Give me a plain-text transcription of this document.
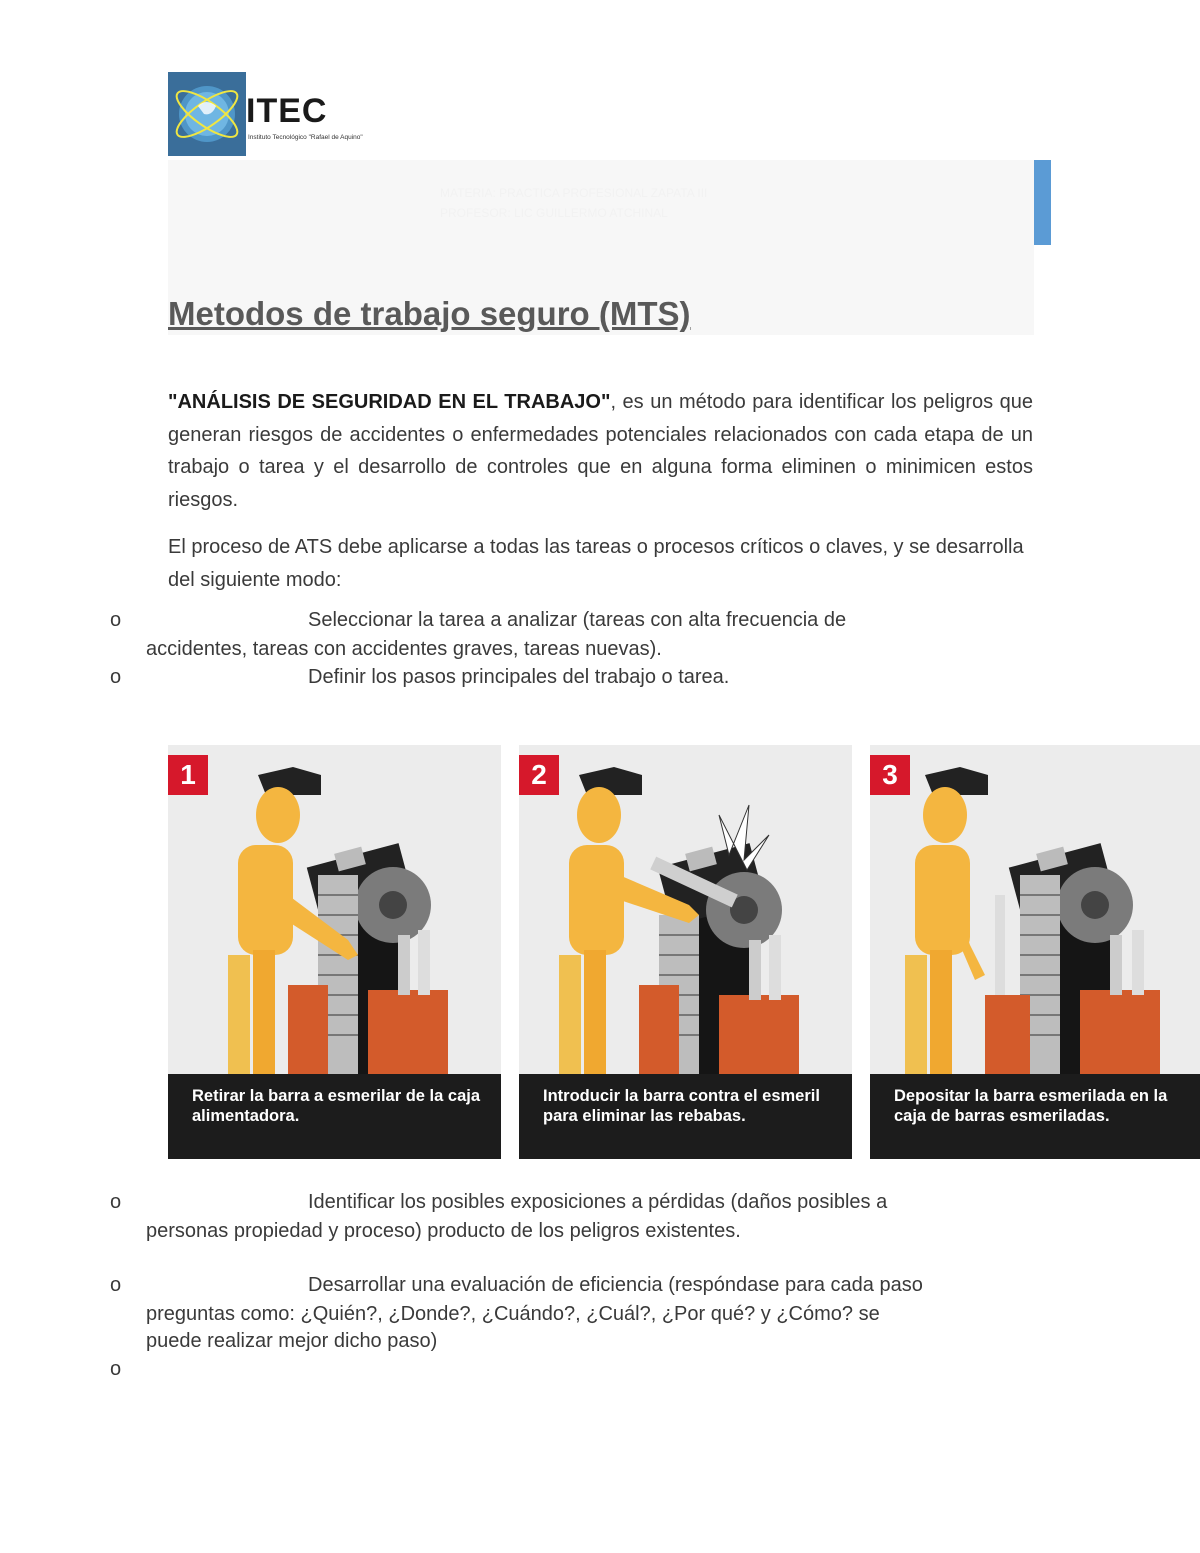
ITEC
Instituto Tecnológico "Rafael de Aquino"
MATERIA: PRACTICA PROFESIONAL ZAPATA III
PROFESOR: LIC GUILLERMO ATCHINAL
Metodos de trabajo seguro (MTS)

"ANÁLISIS DE SEGURIDAD EN EL TRABAJO", es un método para identificar los peligros que generan riesgos de accidentes o enfermedades potenciales relacionados con cada etapa de un trabajo o tarea y el desarrollo de controles que en alguna forma eliminen o minimicen estos riesgos.

El proceso de ATS debe aplicarse a todas las tareas o procesos críticos o claves, y se desarrolla del siguiente modo:

o	Seleccionar la tarea a analizar (tareas con alta frecuencia de
accidentes, tareas con accidentes graves, tareas nuevas).
o	Definir los pasos principales del trabajo o tarea.
1
Retirar la barra a esmerilar de la caja alimentadora.
2
Introducir la barra contra el esmeril para eliminar las rebabas.
3
Depositar la barra esmerilada en la caja de barras esmeriladas.
o	Identificar los posibles exposiciones a pérdidas (daños posibles a
personas propiedad y proceso) producto de los peligros existentes.
o	Desarrollar una evaluación de eficiencia (respóndase para cada paso
preguntas como: ¿Quién?, ¿Donde?, ¿Cuándo?, ¿Cuál?, ¿Por qué? y ¿Cómo? se
puede realizar mejor dicho paso)
o
